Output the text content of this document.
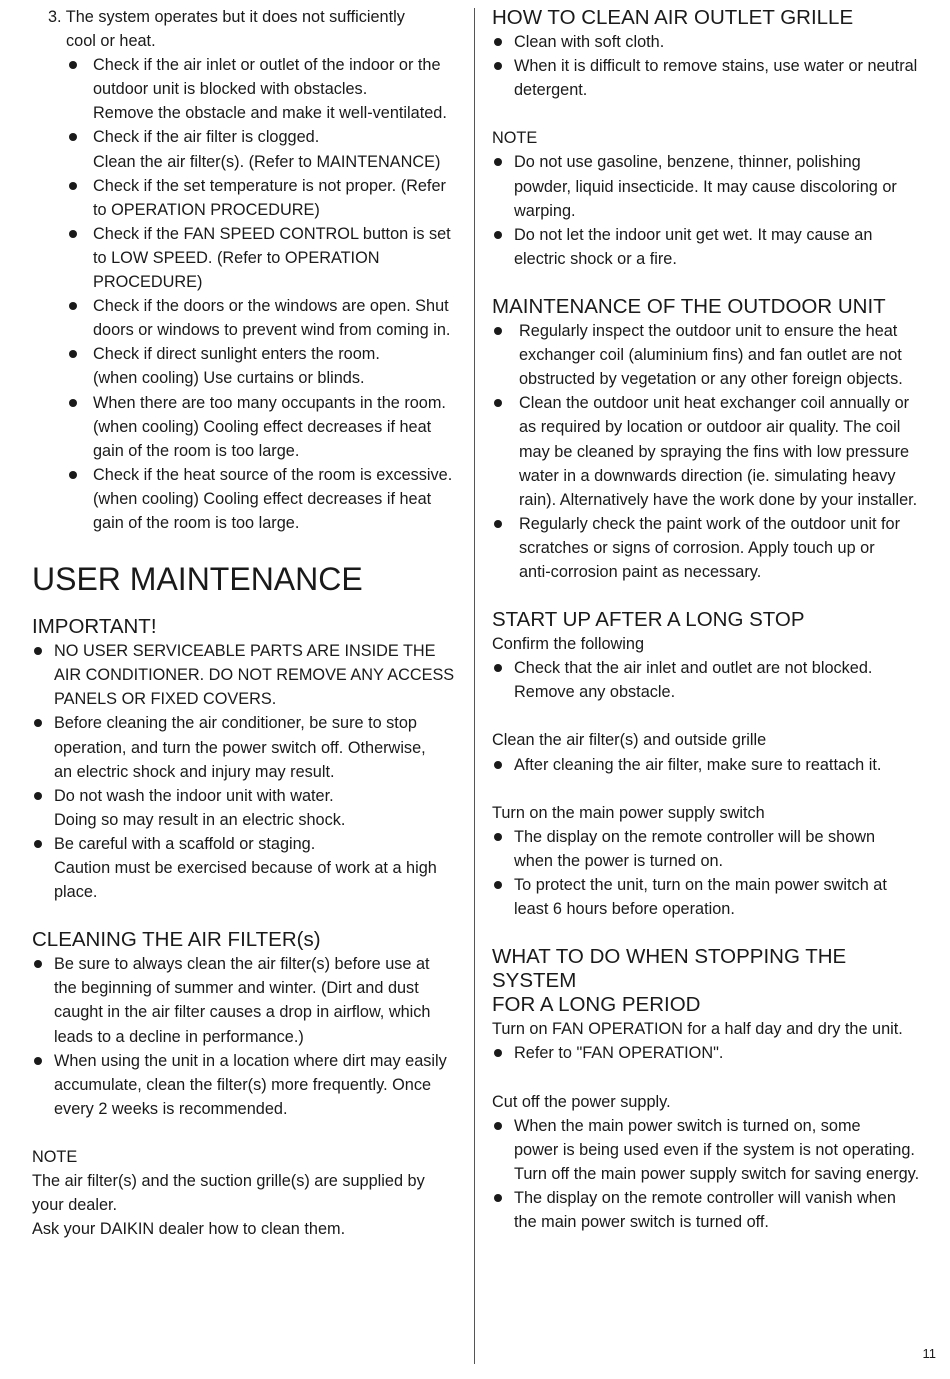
3. The system operates but it does not sufficiently
cool or heat.

Check if the air inlet or outlet of the indoor or the
outdoor unit is blocked with obstacles.
Remove the obstacle and make it well-ventilated.
Check if the air filter is clogged.
Clean the air filter(s). (Refer to MAINTENANCE)
Check if the set temperature is not proper. (Refer
to OPERATION PROCEDURE)
Check if the FAN SPEED CONTROL button is set
to LOW SPEED. (Refer to OPERATION
PROCEDURE)
Check if the doors or the windows are open. Shut
doors or windows to prevent wind from coming in.
Check if direct sunlight enters the room.
(when cooling) Use curtains or blinds.
When there are too many occupants in the room.
(when cooling) Cooling effect decreases if heat
gain of the room is too large.
Check if the heat source of the room is excessive.
(when cooling) Cooling effect decreases if heat
gain of the room is too large.
USER MAINTENANCE
IMPORTANT!
NO USER SERVICEABLE PARTS ARE INSIDE THE
AIR CONDITIONER. DO NOT REMOVE ANY ACCESS
PANELS OR FIXED COVERS.
Before cleaning the air conditioner, be sure to stop
operation, and turn the power switch off. Otherwise,
an electric shock and injury may result.
Do not wash the indoor unit with water.
Doing so may result in an electric shock.
Be careful with a scaffold or staging.
Caution must be exercised because of work at a high
place.
CLEANING THE AIR FILTER(s)
Be sure to always clean the air filter(s) before use at
the beginning of summer and winter. (Dirt and dust
caught in the air filter causes a drop in airflow, which
leads to a decline in performance.)
When using the unit in a location where dirt may easily
accumulate, clean the filter(s) more frequently. Once
every 2 weeks is recommended.

NOTE

The air filter(s) and the suction grille(s) are supplied by
your dealer.
Ask your DAIKIN dealer how to clean them.

HOW TO CLEAN AIR OUTLET GRILLE
Clean with soft cloth.
When it is difficult to remove stains, use water or neutral
detergent.

NOTE

Do not use gasoline, benzene, thinner, polishing
powder, liquid insecticide. It may cause discoloring or
warping.
Do not let the indoor unit get wet. It may cause an
electric shock or a fire.
MAINTENANCE OF THE OUTDOOR UNIT
Regularly inspect the outdoor unit to ensure the heat
exchanger coil (aluminium fins) and fan outlet are not
obstructed by vegetation or any other foreign objects.
Clean the outdoor unit heat exchanger coil annually or
as required by location or outdoor air quality. The coil
may be cleaned by spraying the fins with low pressure
water in a downwards direction (ie. simulating heavy
rain). Alternatively have the work done by your installer.
Regularly check the paint work of the outdoor unit for
scratches or signs of corrosion. Apply touch up or
anti-corrosion paint as necessary.
START UP AFTER A LONG STOP

Confirm the following

Check that the air inlet and outlet are not blocked.
Remove any obstacle.

Clean the air filter(s) and outside grille

After cleaning the air filter, make sure to reattach it.

Turn on the main power supply switch

The display on the remote controller will be shown
when the power is turned on.
To protect the unit, turn on the main power switch at
least 6 hours before operation.
WHAT TO DO WHEN STOPPING THE SYSTEM
FOR A LONG PERIOD

Turn on FAN OPERATION for a half day and dry the unit.

Refer to "FAN OPERATION".

Cut off the power supply.

When the main power switch is turned on, some
power is being used even if the system is not operating.
Turn off the main power supply switch for saving energy.
The display on the remote controller will vanish when
the main power switch is turned off.
11
